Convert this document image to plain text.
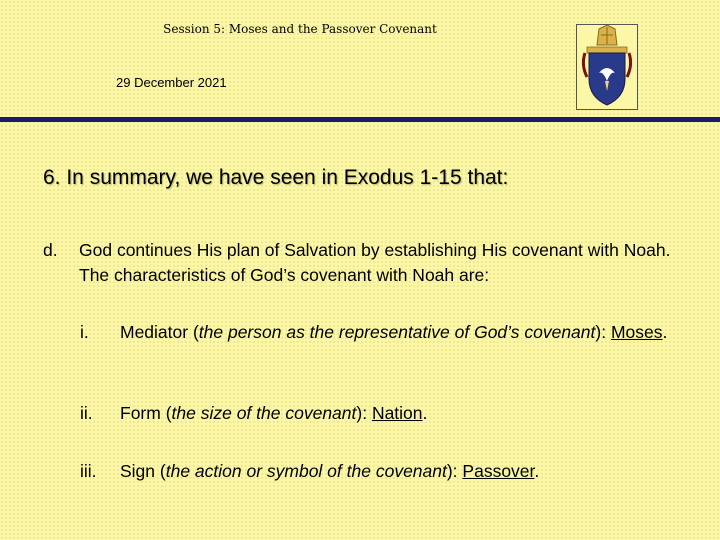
Session 5: Moses and the Passover Covenant
29 December 2021
6. In summary, we have seen in Exodus 1-15 that:
d. God continues His plan of Salvation by establishing His covenant with Noah. The characteristics of God’s covenant with Noah are:
i. Mediator (the person as the representative of God’s covenant): Moses.
ii. Form (the size of the covenant): Nation.
iii. Sign (the action or symbol of the covenant): Passover.
